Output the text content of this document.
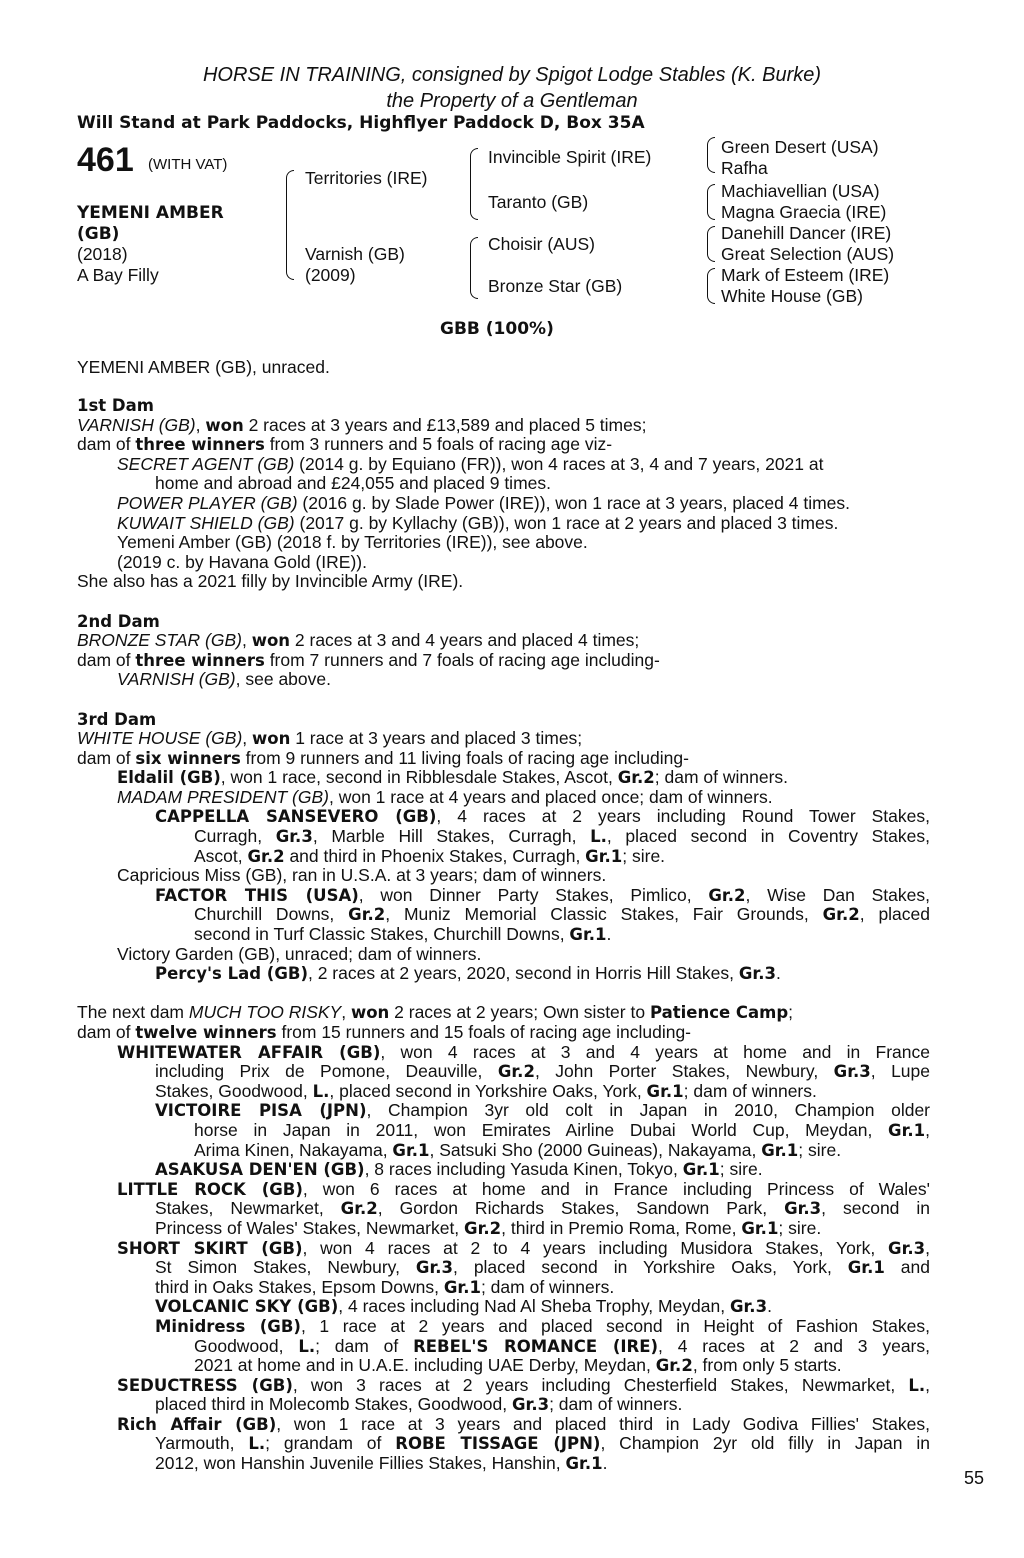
HORSE IN TRAINING, consigned by Spigot Lodge Stables (K. Burke)
the Property of a Gentleman
Will Stand at Park Paddocks, Highflyer Paddock D, Box 35A
461 (WITH VAT)
YEMENI AMBER
(GB)
(2018)
A Bay Filly
Territories (IRE)
Varnish (GB)
(2009)
Invincible Spirit (IRE)
Taranto (GB)
Choisir (AUS)
Bronze Star (GB)
Green Desert (USA)
Rafha
Machiavellian (USA)
Magna Graecia (IRE)
Danehill Dancer (IRE)
Great Selection (AUS)
Mark of Esteem (IRE)
White House (GB)
GBB (100%)
YEMENI AMBER (GB), unraced.
1st Dam
VARNISH (GB), won 2 races at 3 years and £13,589 and placed 5 times;
dam of three winners from 3 runners and 5 foals of racing age viz-
SECRET AGENT (GB) (2014 g. by Equiano (FR)), won 4 races at 3, 4 and 7 years, 2021 at
home and abroad and £24,055 and placed 9 times.
POWER PLAYER (GB) (2016 g. by Slade Power (IRE)), won 1 race at 3 years, placed 4 times.
KUWAIT SHIELD (GB) (2017 g. by Kyllachy (GB)), won 1 race at 2 years and placed 3 times.
Yemeni Amber (GB) (2018 f. by Territories (IRE)), see above.
(2019 c. by Havana Gold (IRE)).
She also has a 2021 filly by Invincible Army (IRE).
2nd Dam
BRONZE STAR (GB), won 2 races at 3 and 4 years and placed 4 times;
dam of three winners from 7 runners and 7 foals of racing age including-
VARNISH (GB), see above.
3rd Dam
WHITE HOUSE (GB), won 1 race at 3 years and placed 3 times;
dam of six winners from 9 runners and 11 living foals of racing age including-
Eldalil (GB), won 1 race, second in Ribblesdale Stakes, Ascot, Gr.2; dam of winners.
MADAM PRESIDENT (GB), won 1 race at 4 years and placed once; dam of winners.
CAPPELLA SANSEVERO (GB), 4 races at 2 years including Round Tower Stakes,
Curragh, Gr.3, Marble Hill Stakes, Curragh, L., placed second in Coventry Stakes,
Ascot, Gr.2 and third in Phoenix Stakes, Curragh, Gr.1; sire.
Capricious Miss (GB), ran in U.S.A. at 3 years; dam of winners.
FACTOR THIS (USA), won Dinner Party Stakes, Pimlico, Gr.2, Wise Dan Stakes,
Churchill Downs, Gr.2, Muniz Memorial Classic Stakes, Fair Grounds, Gr.2, placed
second in Turf Classic Stakes, Churchill Downs, Gr.1.
Victory Garden (GB), unraced; dam of winners.
Percy's Lad (GB), 2 races at 2 years, 2020, second in Horris Hill Stakes, Gr.3.
The next dam MUCH TOO RISKY, won 2 races at 2 years; Own sister to Patience Camp;
dam of twelve winners from 15 runners and 15 foals of racing age including-
WHITEWATER AFFAIR (GB), won 4 races at 3 and 4 years at home and in France
including Prix de Pomone, Deauville, Gr.2, John Porter Stakes, Newbury, Gr.3, Lupe
Stakes, Goodwood, L., placed second in Yorkshire Oaks, York, Gr.1; dam of winners.
VICTOIRE PISA (JPN), Champion 3yr old colt in Japan in 2010, Champion older
horse in Japan in 2011, won Emirates Airline Dubai World Cup, Meydan, Gr.1,
Arima Kinen, Nakayama, Gr.1, Satsuki Sho (2000 Guineas), Nakayama, Gr.1; sire.
ASAKUSA DEN'EN (GB), 8 races including Yasuda Kinen, Tokyo, Gr.1; sire.
LITTLE ROCK (GB), won 6 races at home and in France including Princess of Wales'
Stakes, Newmarket, Gr.2, Gordon Richards Stakes, Sandown Park, Gr.3, second in
Princess of Wales' Stakes, Newmarket, Gr.2, third in Premio Roma, Rome, Gr.1; sire.
SHORT SKIRT (GB), won 4 races at 2 to 4 years including Musidora Stakes, York, Gr.3,
St Simon Stakes, Newbury, Gr.3, placed second in Yorkshire Oaks, York, Gr.1 and
third in Oaks Stakes, Epsom Downs, Gr.1; dam of winners.
VOLCANIC SKY (GB), 4 races including Nad Al Sheba Trophy, Meydan, Gr.3.
Minidress (GB), 1 race at 2 years and placed second in Height of Fashion Stakes,
Goodwood, L.; dam of REBEL'S ROMANCE (IRE), 4 races at 2 and 3 years,
2021 at home and in U.A.E. including UAE Derby, Meydan, Gr.2, from only 5 starts.
SEDUCTRESS (GB), won 3 races at 2 years including Chesterfield Stakes, Newmarket, L.,
placed third in Molecomb Stakes, Goodwood, Gr.3; dam of winners.
Rich Affair (GB), won 1 race at 3 years and placed third in Lady Godiva Fillies' Stakes,
Yarmouth, L.; grandam of ROBE TISSAGE (JPN), Champion 2yr old filly in Japan in
2012, won Hanshin Juvenile Fillies Stakes, Hanshin, Gr.1.
55
